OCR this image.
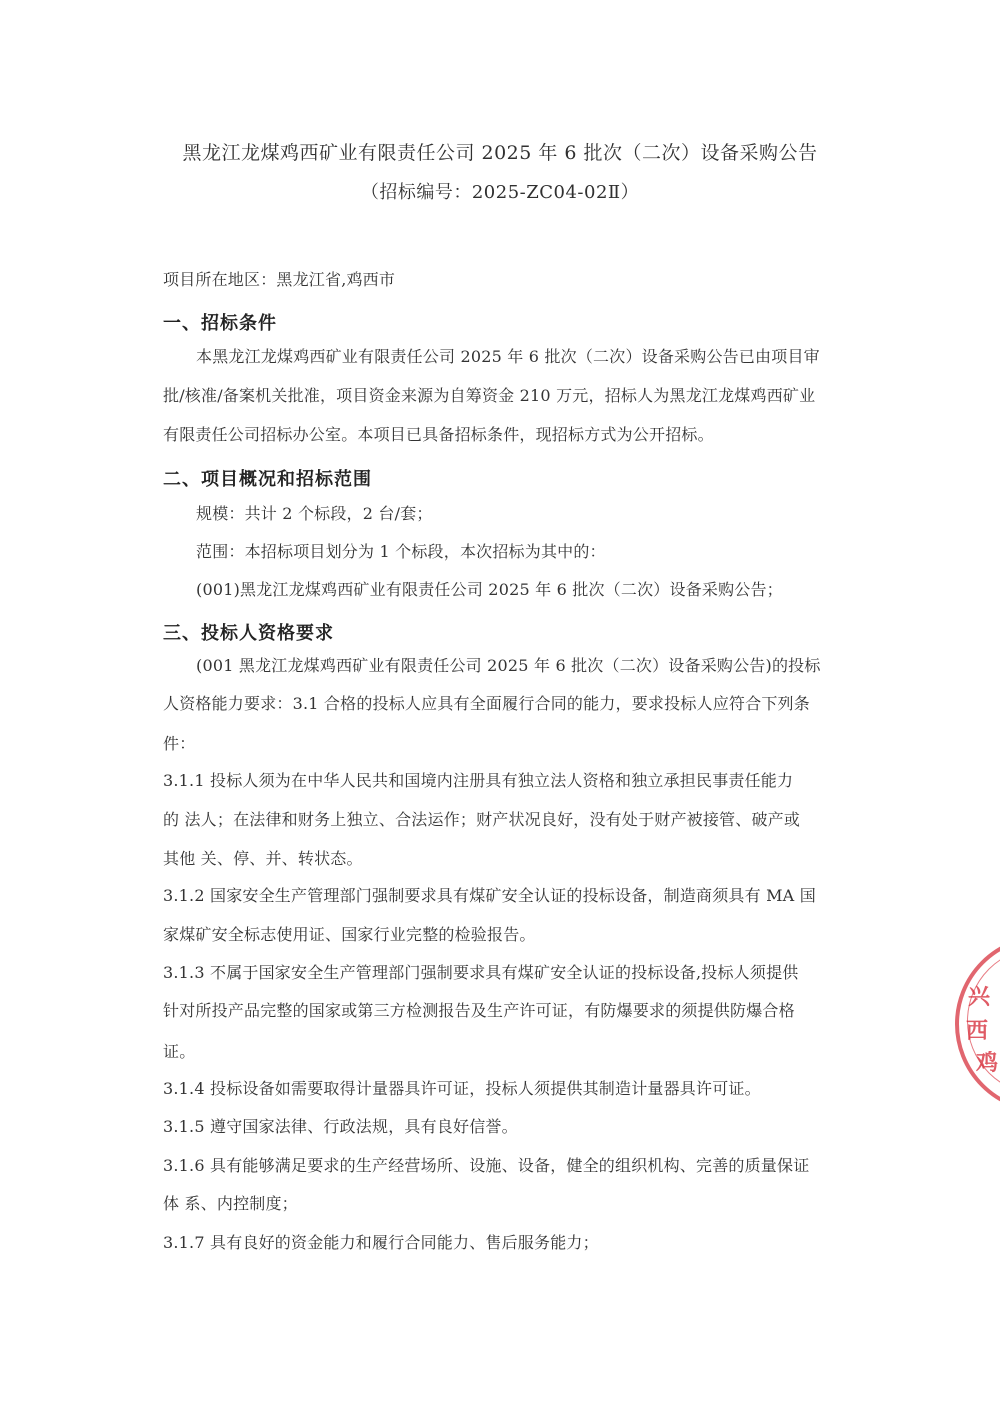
黑龙江龙煤鸡西矿业有限责任公司 2025 年 6 批次（二次）设备采购公告
（招标编号：2025-ZC04-02Ⅱ）
项目所在地区：黑龙江省,鸡西市
一、招标条件
本黑龙江龙煤鸡西矿业有限责任公司 2025 年 6 批次（二次）设备采购公告已由项目审
批/核准/备案机关批准，项目资金来源为自筹资金 210 万元，招标人为黑龙江龙煤鸡西矿业
有限责任公司招标办公室。本项目已具备招标条件，现招标方式为公开招标。
二、项目概况和招标范围
规模：共计 2 个标段，2 台/套；
范围：本招标项目划分为 1 个标段，本次招标为其中的：
(001)黑龙江龙煤鸡西矿业有限责任公司 2025 年 6 批次（二次）设备采购公告；
三、投标人资格要求
(001 黑龙江龙煤鸡西矿业有限责任公司 2025 年 6 批次（二次）设备采购公告)的投标
人资格能力要求：3.1 合格的投标人应具有全面履行合同的能力，要求投标人应符合下列条
件：
3.1.1 投标人须为在中华人民共和国境内注册具有独立法人资格和独立承担民事责任能力
的 法人；在法律和财务上独立、合法运作；财产状况良好，没有处于财产被接管、破产或
其他 关、停、并、转状态。
3.1.2 国家安全生产管理部门强制要求具有煤矿安全认证的投标设备，制造商须具有 MA 国
家煤矿安全标志使用证、国家行业完整的检验报告。
3.1.3 不属于国家安全生产管理部门强制要求具有煤矿安全认证的投标设备,投标人须提供
针对所投产品完整的国家或第三方检测报告及生产许可证，有防爆要求的须提供防爆合格
证。
3.1.4 投标设备如需要取得计量器具许可证，投标人须提供其制造计量器具许可证。
3.1.5 遵守国家法律、行政法规，具有良好信誉。
3.1.6 具有能够满足要求的生产经营场所、设施、设备，健全的组织机构、完善的质量保证
体 系、内控制度；
3.1.7 具有良好的资金能力和履行合同能力、售后服务能力；
兴
西
鸡
